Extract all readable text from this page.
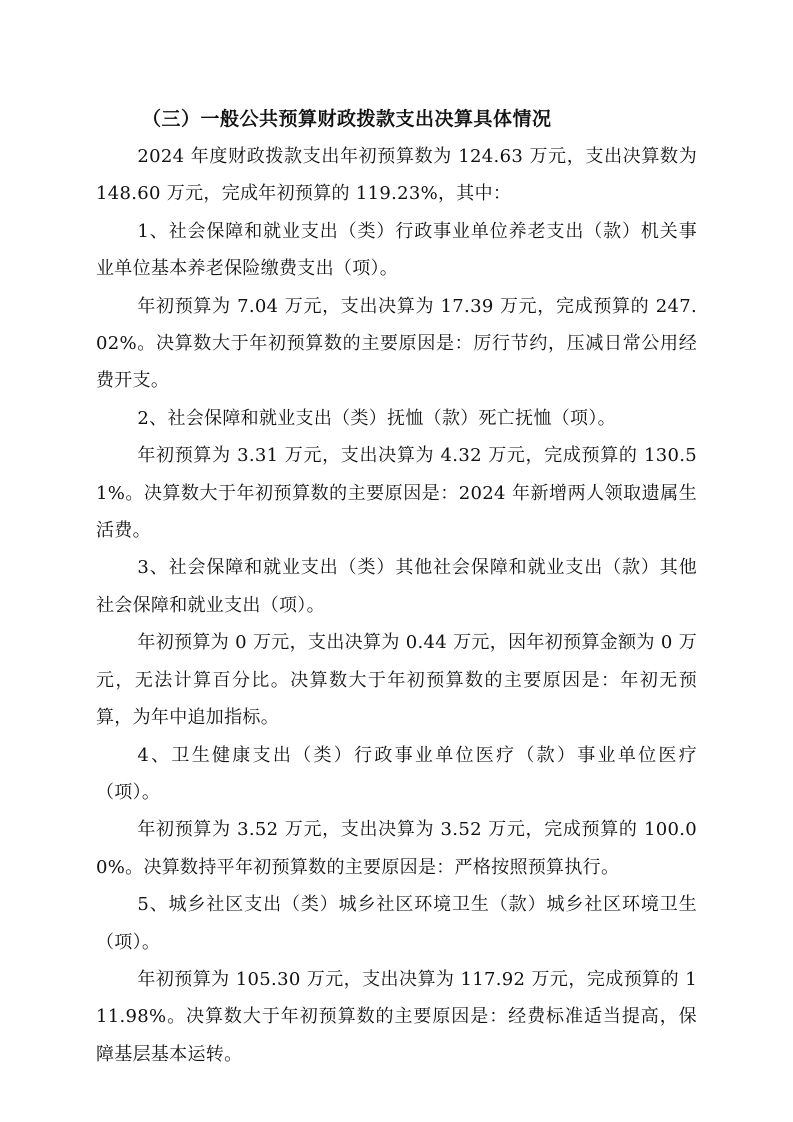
（三）一般公共预算财政拨款支出决算具体情况

2024 年度财政拨款支出年初预算数为 124.63 万元，支出决算数为 148.60 万元，完成年初预算的 119.23%，其中：

1、社会保障和就业支出（类）行政事业单位养老支出（款）机关事业单位基本养老保险缴费支出（项）。

年初预算为 7.04 万元，支出决算为 17.39 万元，完成预算的 247.02%。决算数大于年初预算数的主要原因是：厉行节约，压减日常公用经费开支。

2、社会保障和就业支出（类）抚恤（款）死亡抚恤（项）。

年初预算为 3.31 万元，支出决算为 4.32 万元，完成预算的 130.51%。决算数大于年初预算数的主要原因是：2024 年新增两人领取遗属生活费。

3、社会保障和就业支出（类）其他社会保障和就业支出（款）其他社会保障和就业支出（项）。

年初预算为 0 万元，支出决算为 0.44 万元，因年初预算金额为 0 万元，无法计算百分比。决算数大于年初预算数的主要原因是：年初无预算，为年中追加指标。

4、卫生健康支出（类）行政事业单位医疗（款）事业单位医疗（项）。

年初预算为 3.52 万元，支出决算为 3.52 万元，完成预算的 100.00%。决算数持平年初预算数的主要原因是：严格按照预算执行。

5、城乡社区支出（类）城乡社区环境卫生（款）城乡社区环境卫生（项）。

年初预算为 105.30 万元，支出决算为 117.92 万元，完成预算的 111.98%。决算数大于年初预算数的主要原因是：经费标准适当提高，保障基层基本运转。
